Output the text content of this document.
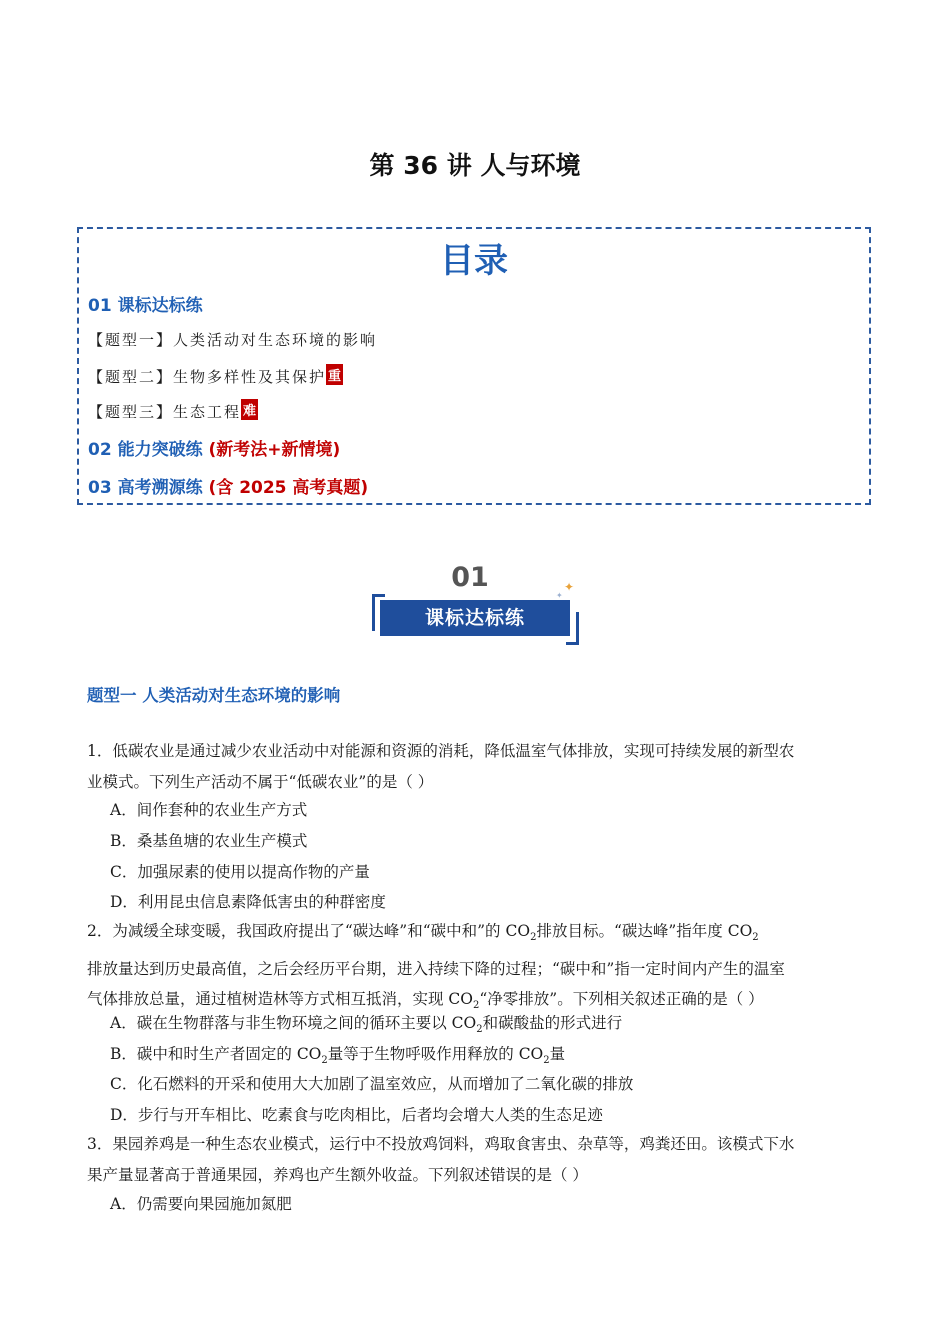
第 36 讲 人与环境
目录
01 课标达标练
【题型一】人类活动对生态环境的影响
【题型二】生物多样性及其保护 重
【题型三】生态工程 难
02 能力突破练 (新考法+新情境)
03 高考溯源练 (含 2025 高考真题)
01
课标达标练
✦
✦
题型一 人类活动对生态环境的影响
1．低碳农业是通过减少农业活动中对能源和资源的消耗，降低温室气体排放，实现可持续发展的新型农
业模式。下列生产活动不属于“低碳农业”的是（ ）
A．间作套种的农业生产方式
B．桑基鱼塘的农业生产模式
C．加强尿素的使用以提高作物的产量
D．利用昆虫信息素降低害虫的种群密度
2．为减缓全球变暖，我国政府提出了“碳达峰”和“碳中和”的 $CO_2$排放目标。“碳达峰”指年度 $CO_2$
排放量达到历史最高值，之后会经历平台期，进入持续下降的过程；“碳中和”指一定时间内产生的温室
气体排放总量，通过植树造林等方式相互抵消，实现 $CO_2“$净零排放”。下列相关叙述正确的是（ ）
A．碳在生物群落与非生物环境之间的循环主要以 $CO_2$和碳酸盐的形式进行
B．碳中和时生产者固定的 $CO_2$量等于生物呼吸作用释放的 $CO_2$量
C．化石燃料的开采和使用大大加剧了温室效应，从而增加了二氧化碳的排放
D．步行与开车相比、吃素食与吃肉相比，后者均会增大人类的生态足迹
3．果园养鸡是一种生态农业模式，运行中不投放鸡饲料，鸡取食害虫、杂草等，鸡粪还田。该模式下水
果产量显著高于普通果园，养鸡也产生额外收益。下列叙述错误的是（ ）
A．仍需要向果园施加氮肥
